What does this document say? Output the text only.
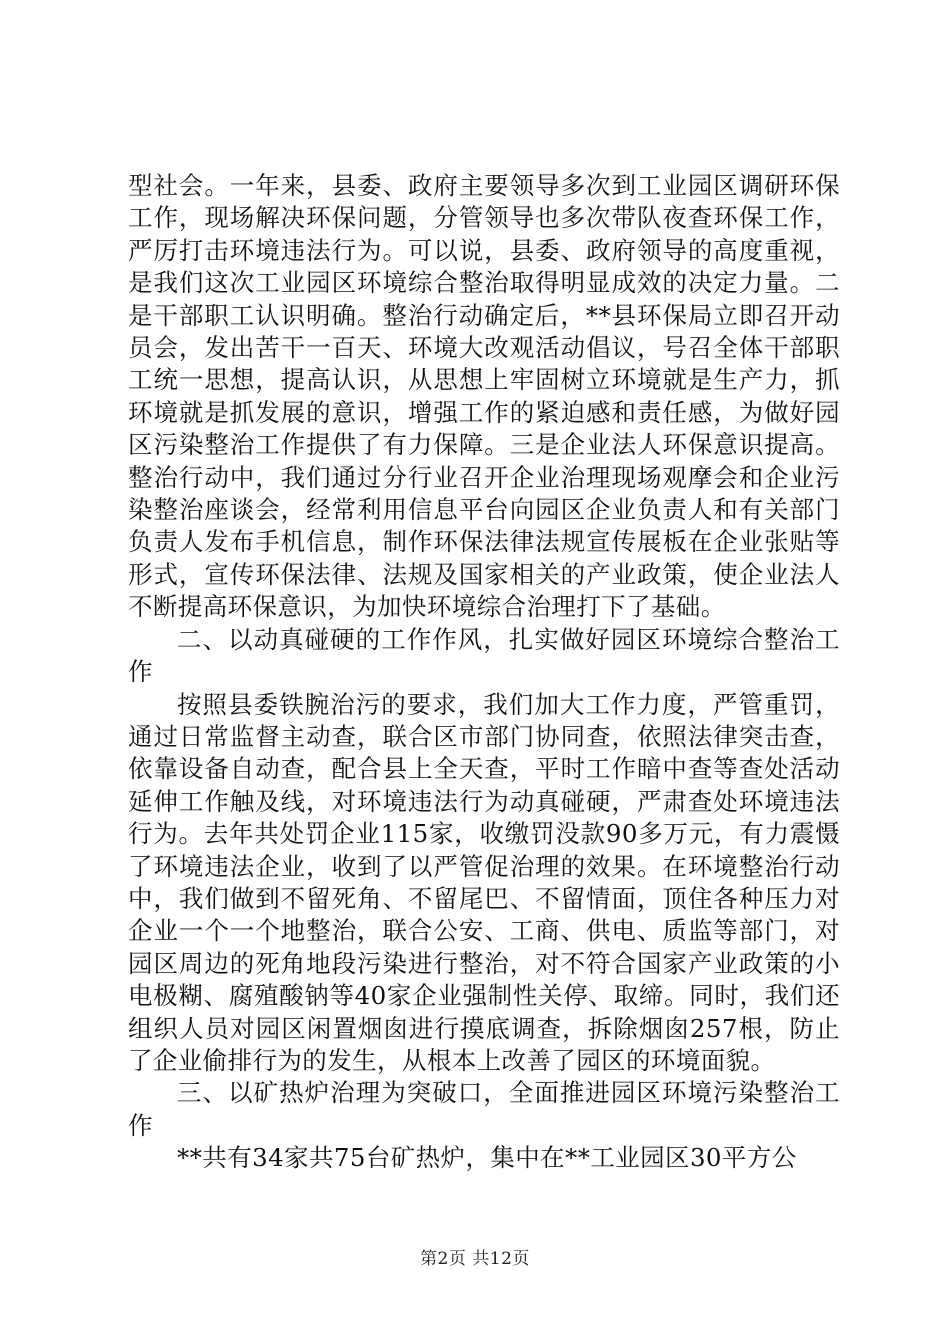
型社会。一年来，县委、政府主要领导多次到工业园区调研环保工作，现场解决环保问题，分管领导也多次带队夜查环保工作，严厉打击环境违法行为。可以说，县委、政府领导的高度重视，是我们这次工业园区环境综合整治取得明显成效的决定力量。二是干部职工认识明确。整治行动确定后，**县环保局立即召开动员会，发出苦干一百天、环境大改观活动倡议，号召全体干部职工统一思想，提高认识，从思想上牢固树立环境就是生产力，抓环境就是抓发展的意识，增强工作的紧迫感和责任感，为做好园区污染整治工作提供了有力保障。三是企业法人环保意识提高。整治行动中，我们通过分行业召开企业治理现场观摩会和企业污染整治座谈会，经常利用信息平台向园区企业负责人和有关部门负责人发布手机信息，制作环保法律法规宣传展板在企业张贴等形式，宣传环保法律、法规及国家相关的产业政策，使企业法人不断提高环保意识，为加快环境综合治理打下了基础。

二、以动真碰硬的工作作风，扎实做好园区环境综合整治工作

按照县委铁腕治污的要求，我们加大工作力度，严管重罚，通过日常监督主动查，联合区市部门协同查，依照法律突击查，依靠设备自动查，配合县上全天查，平时工作暗中查等查处活动延伸工作触及线，对环境违法行为动真碰硬，严肃查处环境违法行为。去年共处罚企业115家，收缴罚没款90多万元，有力震慑了环境违法企业，收到了以严管促治理的效果。在环境整治行动中，我们做到不留死角、不留尾巴、不留情面，顶住各种压力对企业一个一个地整治，联合公安、工商、供电、质监等部门，对园区周边的死角地段污染进行整治，对不符合国家产业政策的小电极糊、腐殖酸钠等40家企业强制性关停、取缔。同时，我们还组织人员对园区闲置烟囱进行摸底调查，拆除烟囱257根，防止了企业偷排行为的发生，从根本上改善了园区的环境面貌。

三、以矿热炉治理为突破口，全面推进园区环境污染整治工作

**共有34家共75台矿热炉，集中在**工业园区30平方公

第2页 共12页
